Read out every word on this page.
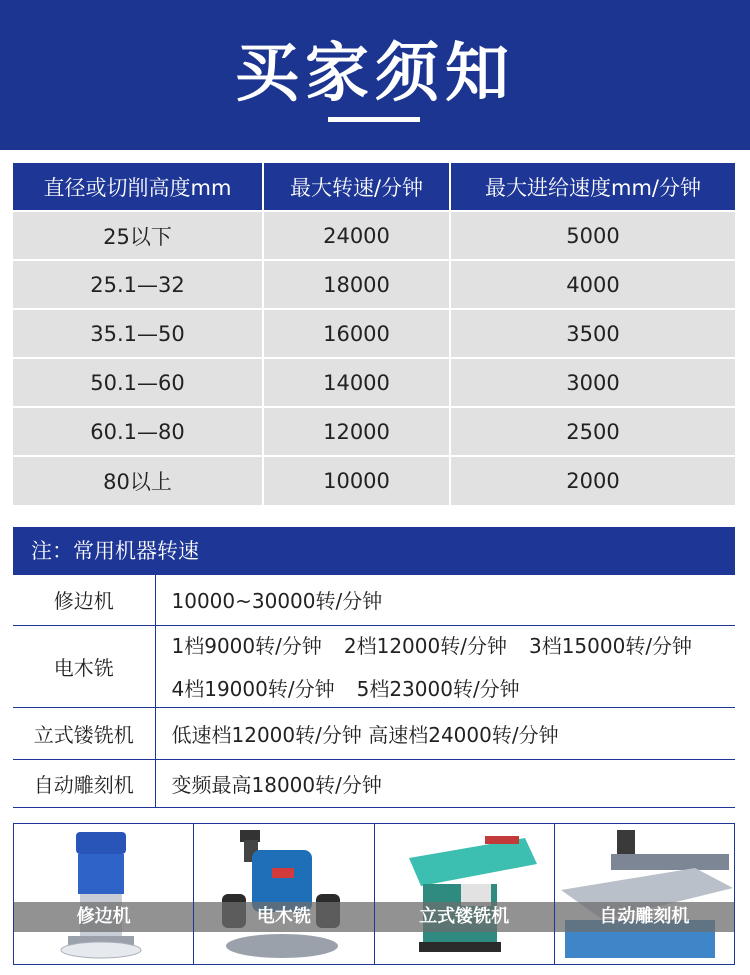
买家须知
直径或切削高度mm	最大转速/分钟	最大进给速度mm/分钟
25以下	24000	5000
25.1—32	18000	4000
35.1—50	16000	3500
50.1—60	14000	3000
60.1—80	12000	2500
80以上	10000	2000
注：常用机器转速
修边机	10000~30000转/分钟

电木铣	1档9000转/分钟 2档12000转/分钟 3档15000转/分钟
4档19000转/分钟 5档23000转/分钟

立式镂铣机	低速档12000转/分钟 高速档24000转/分钟

自动雕刻机	变频最高18000转/分钟
修边机	电木铣	立式镂铣机	自动雕刻机
